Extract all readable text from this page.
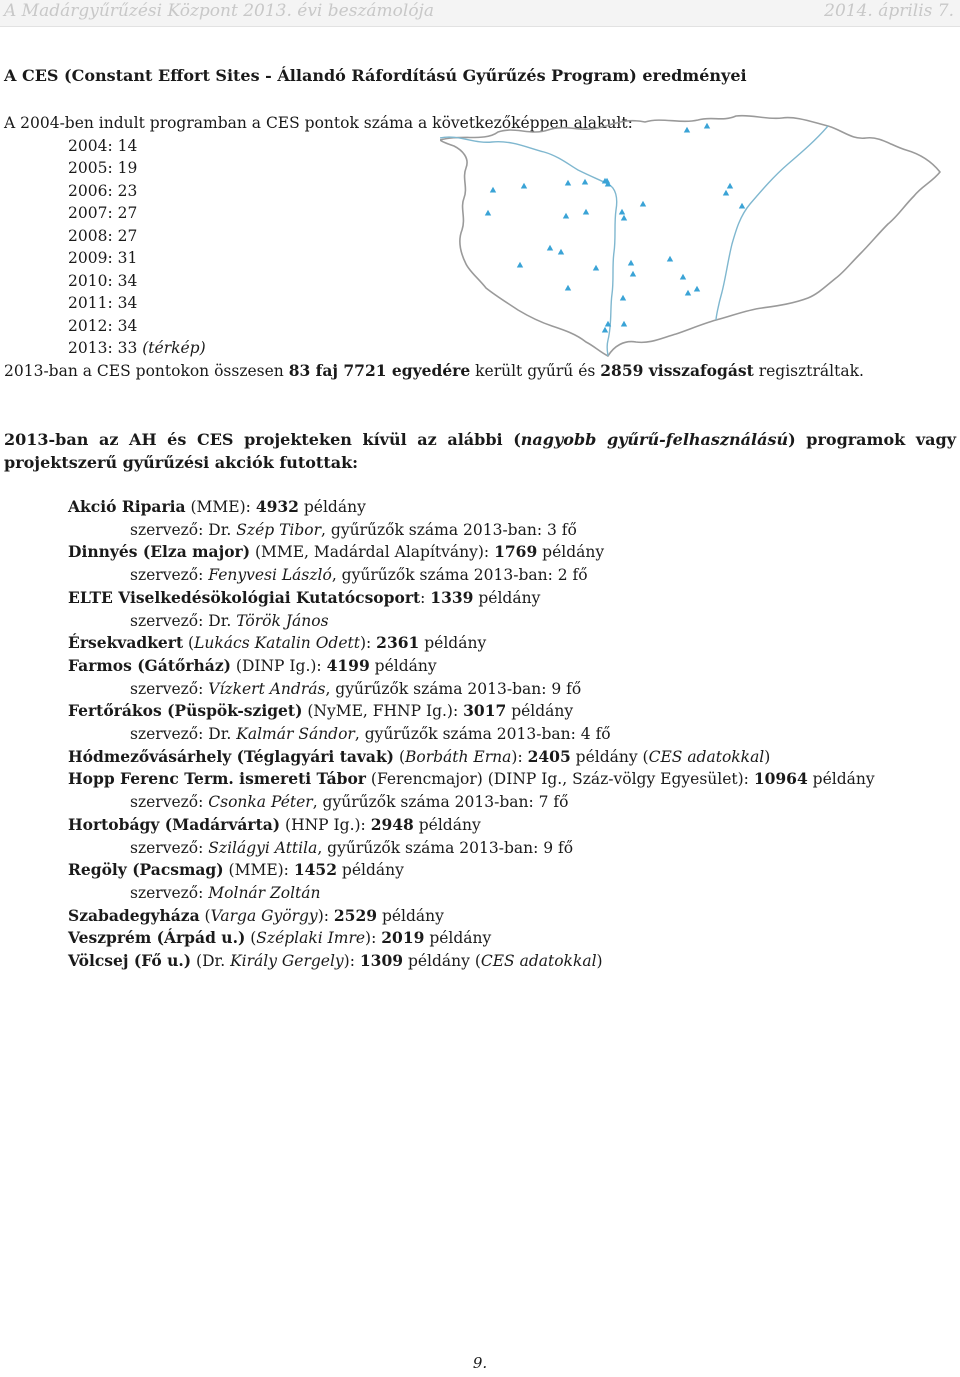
A Madárgyűrűzési Központ 2013. évi beszámolója	2014. április 7.
A CES (Constant Effort Sites - Állandó Ráfordítású Gyűrűzés Program) eredményei
A 2004-ben indult programban a CES pontok száma a következőképpen alakult:
2004: 14
2005: 19
2006: 23
2007: 27
2008: 27
2009: 31
2010: 34
2011: 34
2012: 34
2013: 33 (térkép)
2013-ban a CES pontokon összesen 83 faj 7721 egyedére került gyűrű és 2859 visszafogást regisztráltak.
2013-ban az AH és CES projekteken kívül az alábbi (nagyobb gyűrű-felhasználású) programok vagy projektszerű gyűrűzési akciók futottak:
Akció Riparia (MME): 4932 példány
szervező: Dr. Szép Tibor, gyűrűzők száma 2013-ban: 3 fő
Dinnyés (Elza major) (MME, Madárdal Alapítvány): 1769 példány
szervező: Fenyvesi László, gyűrűzők száma 2013-ban: 2 fő
ELTE Viselkedésökológiai Kutatócsoport: 1339 példány
szervező: Dr. Török János
Érsekvadkert (Lukács Katalin Odett): 2361 példány
Farmos (Gátőrház) (DINP Ig.): 4199 példány
szervező: Vízkert András, gyűrűzők száma 2013-ban: 9 fő
Fertőrákos (Püspök-sziget) (NyME, FHNP Ig.): 3017 példány
szervező: Dr. Kalmár Sándor, gyűrűzők száma 2013-ban: 4 fő
Hódmezővásárhely (Téglagyári tavak) (Borbáth Erna): 2405 példány (CES adatokkal)
Hopp Ferenc Term. ismereti Tábor (Ferencmajor) (DINP Ig., Száz-völgy Egyesület): 10964 példány
szervező: Csonka Péter, gyűrűzők száma 2013-ban: 7 fő
Hortobágy (Madárvárta) (HNP Ig.): 2948 példány
szervező: Szilágyi Attila, gyűrűzők száma 2013-ban: 9 fő
Regöly (Pacsmag) (MME): 1452 példány
szervező: Molnár Zoltán
Szabadegyháza (Varga György): 2529 példány
Veszprém (Árpád u.) (Széplaki Imre): 2019 példány
Völcsej (Fő u.) (Dr. Király Gergely): 1309 példány (CES adatokkal)
9.
